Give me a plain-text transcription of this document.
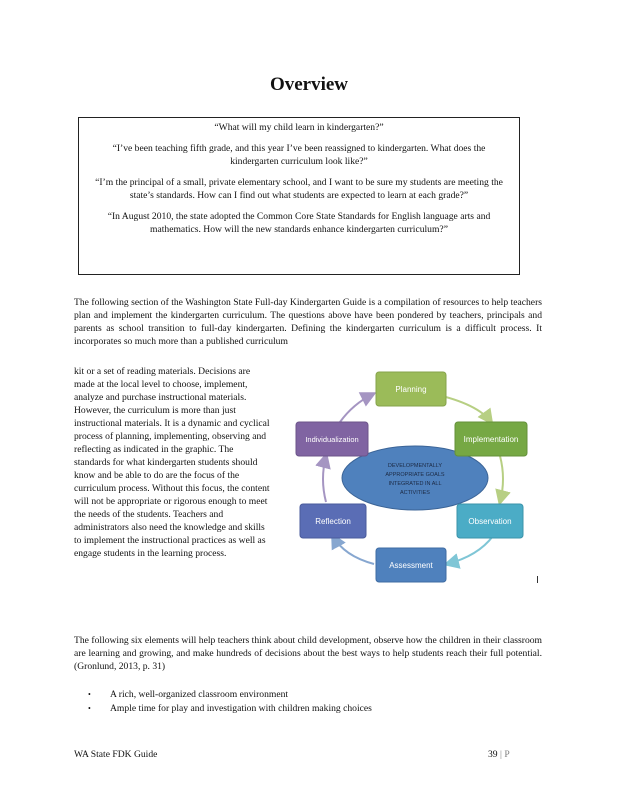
Overview

“What will my child learn in kindergarten?”

“I’ve been teaching fifth grade, and this year I’ve been reassigned to kindergarten. What does the kindergarten curriculum look like?”

“I’m the principal of a small, private elementary school, and I want to be sure my students are meeting the state’s standards. How can I find out what students are expected to learn at each grade?”

“In August 2010, the state adopted the Common Core State Standards for English language arts and mathematics. How will the new standards enhance kindergarten curriculum?”

The following section of the Washington State Full-day Kindergarten Guide is a compilation of resources to help teachers plan and implement the kindergarten curriculum. The questions above have been pondered by teachers, principals and parents as school transition to full-day kindergarten. Defining the kindergarten curriculum is a difficult process. It incorporates so much more than a published curriculum

kit or a set of reading materials. Decisions are made at the local level to choose, implement, analyze and purchase instructional materials. However, the curriculum is more than just instructional materials. It is a dynamic and cyclical process of planning, implementing, observing and reflecting as indicated in the graphic. The standards for what kindergarten students should know and be able to do are the focus of the curriculum process. Without this focus, the content will not be appropriate or rigorous enough to meet the needs of the students. Teachers and administrators also need the knowledge and skills to implement the instructional practices as well as engage students in the learning process.

DEVELOPMENTALLY
APPROPRIATE GOALS
INTEGRATED IN ALL
ACTIVITIES
Planning
Implementation
Observation
Assessment
Reflection
Individualization

The following six elements will help teachers think about child development, observe how the children in their classroom are learning and growing, and make hundreds of decisions about the best ways to help students reach their full potential. (Gronlund, 2013, p. 31)

• A rich, well-organized classroom environment
• Ample time for play and investigation with children making choices
WA State FDK Guide	39 | P
